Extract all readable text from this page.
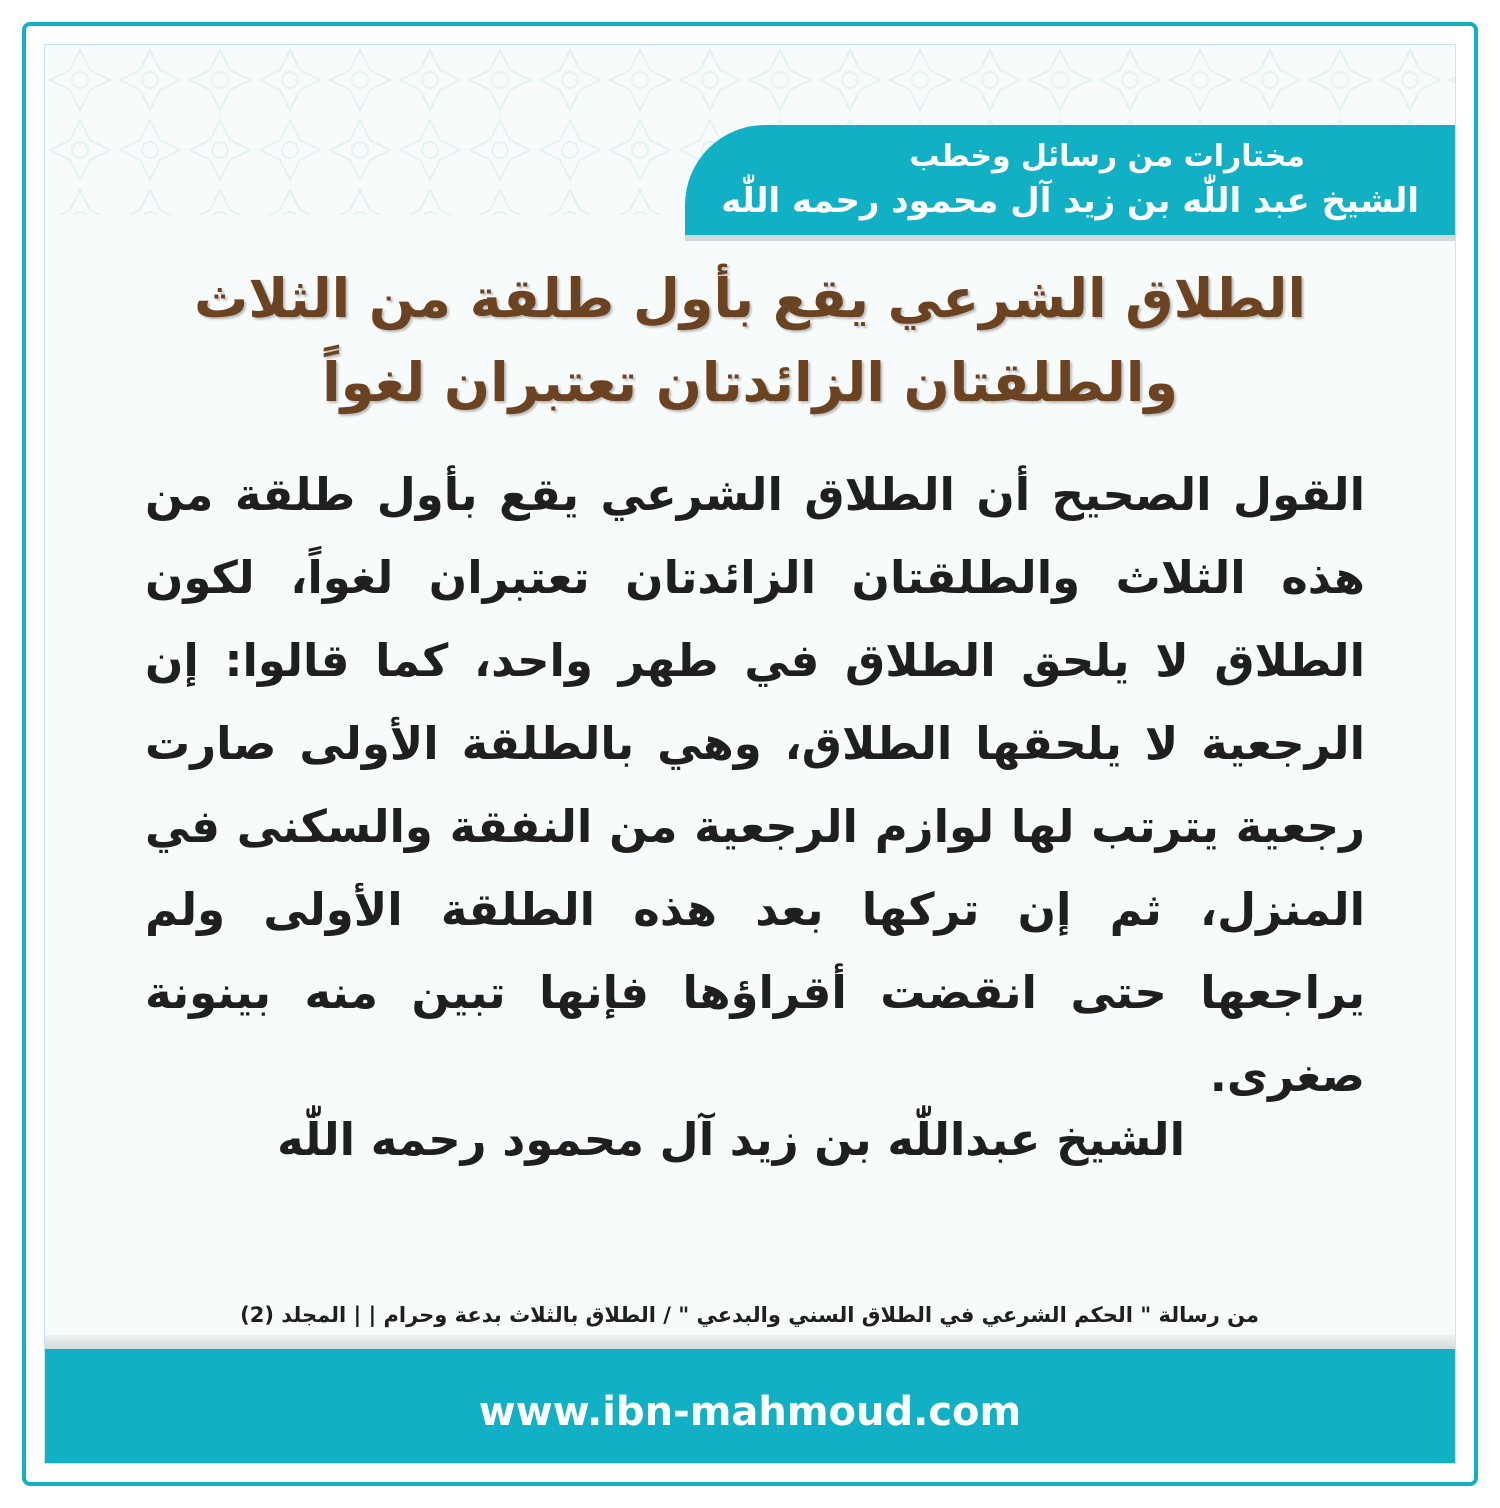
مختارات من رسائل وخطب
الشيخ عبد اللّٰه بن زيد آل محمود رحمه اللّٰه
الطلاق الشرعي يقع بأول طلقة من الثلاث
والطلقتان الزائدتان تعتبران لغواً
القول الصحيح أن الطلاق الشرعي يقع بأول طلقة من هذه الثلاث والطلقتان الزائدتان تعتبران لغواً، لكون الطلاق لا يلحق الطلاق في طهر واحد، كما قالوا: إن الرجعية لا يلحقها الطلاق، وهي بالطلقة الأولى صارت رجعية يترتب لها لوازم الرجعية من النفقة والسكنى في المنزل، ثم إن تركها بعد هذه الطلقة الأولى ولم يراجعها حتى انقضت أقراؤها فإنها تبين منه بينونة صغرى.
الشيخ عبداللّٰه بن زيد آل محمود رحمه اللّٰه
من رسالة " الحكم الشرعي في الطلاق السني والبدعي " / الطلاق بالثلاث بدعة وحرام | | المجلد (2)
www.ibn-mahmoud.com
